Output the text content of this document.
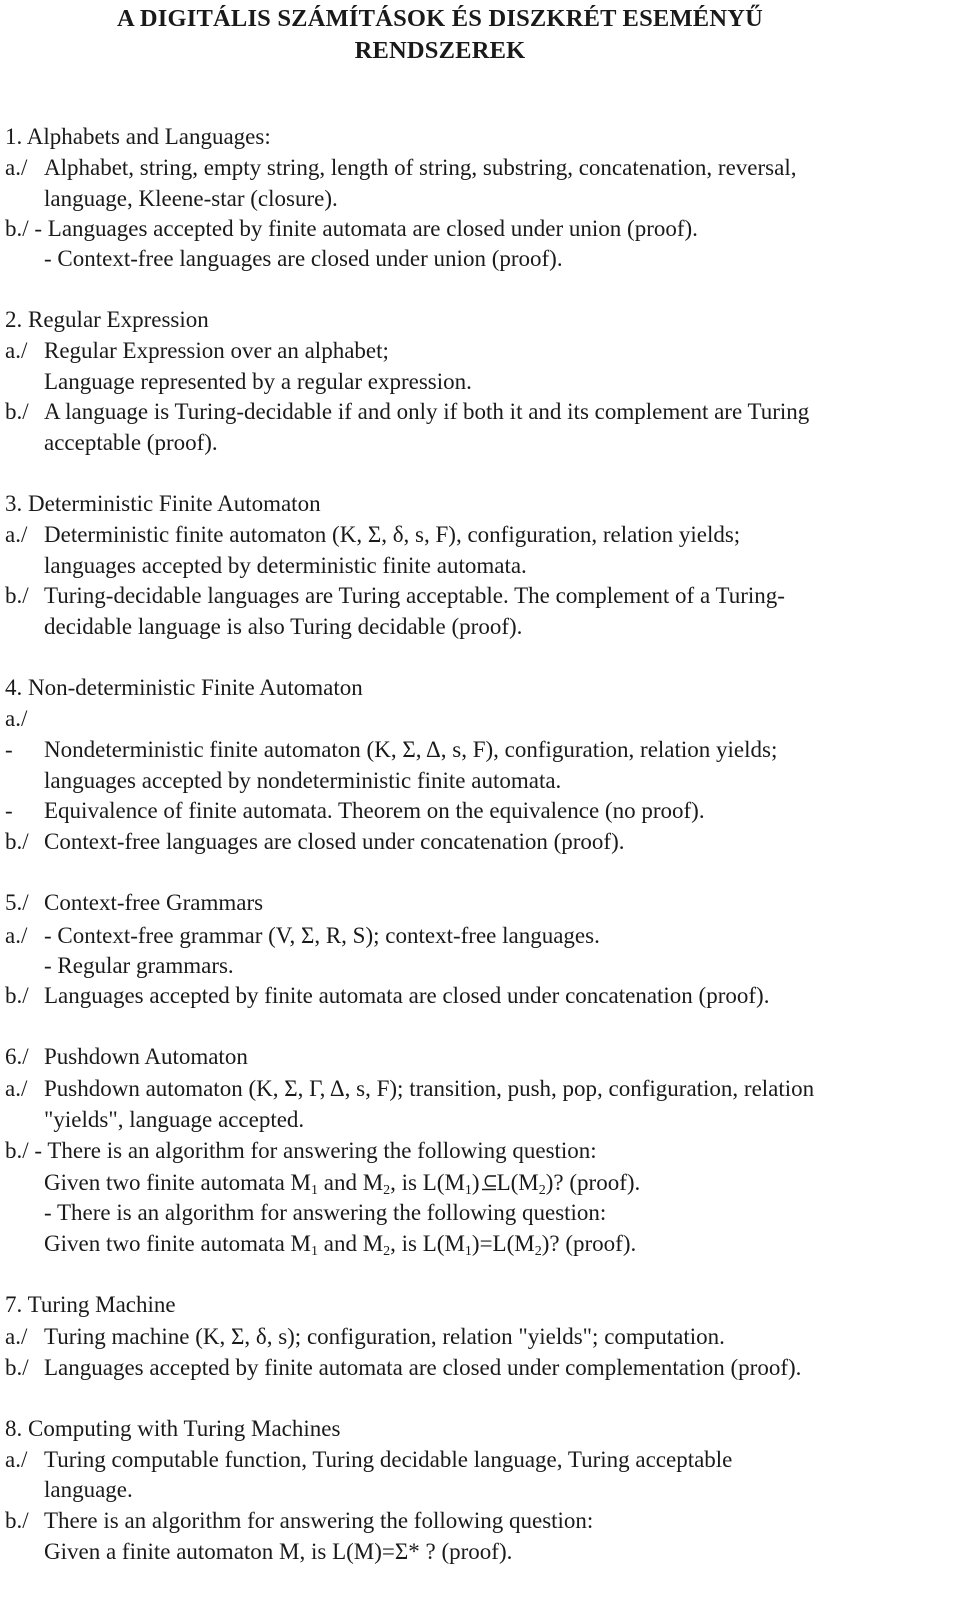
A DIGITÁLIS SZÁMÍTÁSOK ÉS DISZKRÉT ESEMÉNYŰ
RENDSZEREK
1. Alphabets and Languages:
a./ Alphabet, string, empty string, length of string, substring, concatenation, reversal,
language, Kleene-star (closure).
b./ - Languages accepted by finite automata are closed under union (proof).
- Context-free languages are closed under union (proof).
2. Regular Expression
a./ Regular Expression over an alphabet;
Language represented by a regular expression.
b./ A language is Turing-decidable if and only if both it and its complement are Turing
acceptable (proof).
3. Deterministic Finite Automaton
a./ Deterministic finite automaton (K, Σ, δ, s, F), configuration, relation yields;
languages accepted by deterministic finite automata.
b./ Turing-decidable languages are Turing acceptable. The complement of a Turing-
decidable language is also Turing decidable (proof).
4. Non-deterministic Finite Automaton
a./
- Nondeterministic finite automaton (K, Σ, Δ, s, F), configuration, relation yields;
languages accepted by nondeterministic finite automata.
- Equivalence of finite automata. Theorem on the equivalence (no proof).
b./ Context-free languages are closed under concatenation (proof).
5./ Context-free Grammars
a./ - Context-free grammar (V, Σ, R, S); context-free languages.
- Regular grammars.
b./ Languages accepted by finite automata are closed under concatenation (proof).
6./ Pushdown Automaton
a./ Pushdown automaton (K, Σ, Γ, Δ, s, F); transition, push, pop, configuration, relation
"yields", language accepted.
b./ - There is an algorithm for answering the following question:
Given two finite automata $M_1$ and $M_2$, is $L(M_1)$ $L(M_2)$? (proof).
- There is an algorithm for answering the following question:
Given two finite automata $M_1$ and $M_2$, is $L(M_1)=L(M_2)$? (proof).
7. Turing Machine
a./ Turing machine (K, Σ, δ, s); configuration, relation "yields"; computation.
b./ Languages accepted by finite automata are closed under complementation (proof).
8. Computing with Turing Machines
a./ Turing computable function, Turing decidable language, Turing acceptable
language.
b./ There is an algorithm for answering the following question:
Given a finite automaton M, is L(M)=Σ* ? (proof).
